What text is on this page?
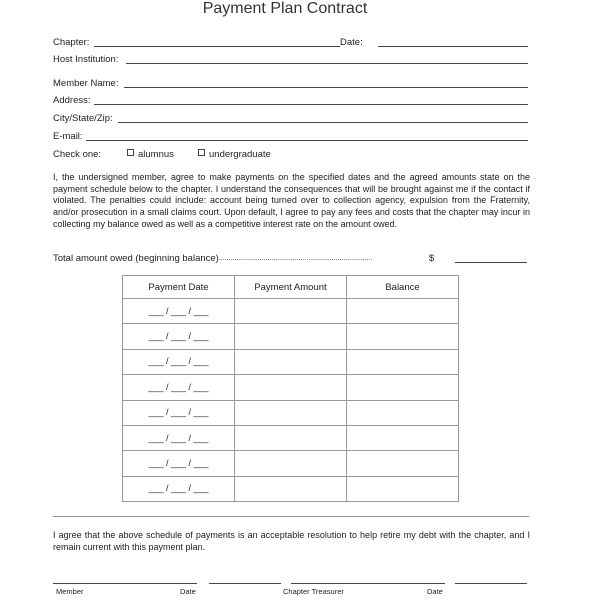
Payment Plan Contract
Chapter:	Date:
Host Institution:
Member Name:
Address:
City/State/Zip:
E-mail:
Check one:	alumnus	undergraduate

I, the undersigned member, agree to make payments on the specified dates and the agreed amounts state on the payment schedule below to the chapter. I understand the consequences that will be brought against me if the contact if violated. The penalties could include: account being turned over to collection agency, expulsion from the Fraternity, and/or prosecution in a small claims court. Upon default, I agree to pay any fees and costs that the chapter may incur in collecting my balance owed as well as a competitive interest rate on the amount owed.

Total amount owed (beginning balance)...............................................................................	$
Payment Date	Payment Amount	Balance
___ / ___ / ___		
___ / ___ / ___		
___ / ___ / ___		
___ / ___ / ___		
___ / ___ / ___		
___ / ___ / ___		
___ / ___ / ___		
___ / ___ / ___		

I agree that the above schedule of payments is an acceptable resolution to help retire my debt with the chapter, and I remain current with this payment plan.

Member	Date	Chapter Treasurer	Date
